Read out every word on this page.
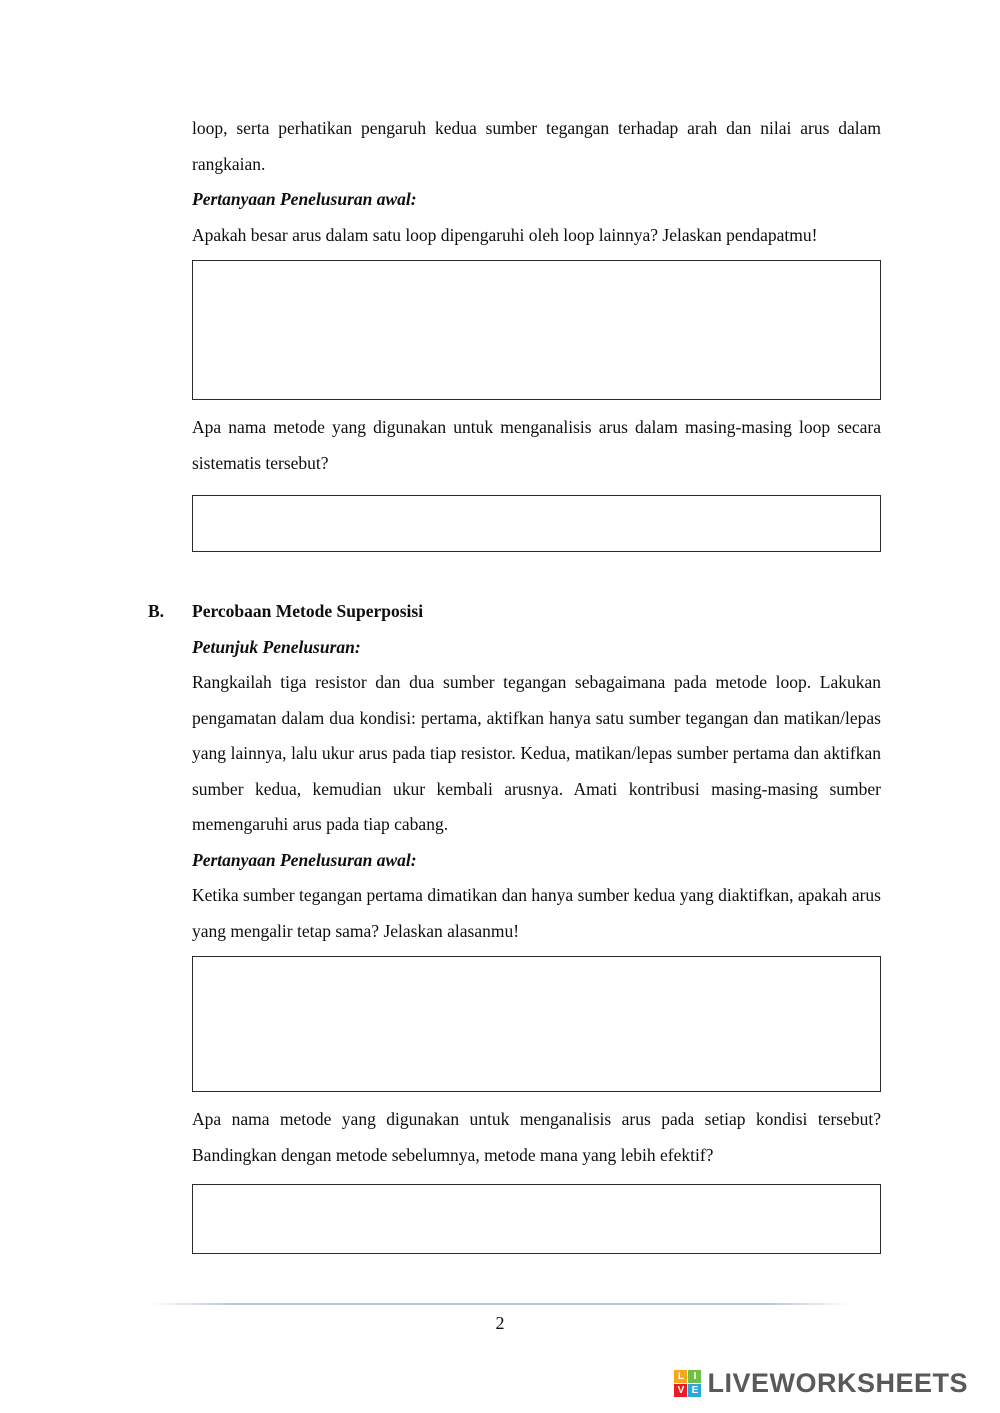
loop, serta perhatikan pengaruh kedua sumber tegangan terhadap arah dan nilai arus dalam rangkaian.

Pertanyaan Penelusuran awal:

Apakah besar arus dalam satu loop dipengaruhi oleh loop lainnya? Jelaskan pendapatmu!

Apa nama metode yang digunakan untuk menganalisis arus dalam masing-masing loop secara sistematis tersebut?

B. Percobaan Metode Superposisi

Petunjuk Penelusuran:

Rangkailah tiga resistor dan dua sumber tegangan sebagaimana pada metode loop. Lakukan pengamatan dalam dua kondisi: pertama, aktifkan hanya satu sumber tegangan dan matikan/lepas yang lainnya, lalu ukur arus pada tiap resistor. Kedua, matikan/lepas sumber pertama dan aktifkan sumber kedua, kemudian ukur kembali arusnya. Amati kontribusi masing-masing sumber memengaruhi arus pada tiap cabang.

Pertanyaan Penelusuran awal:

Ketika sumber tegangan pertama dimatikan dan hanya sumber kedua yang diaktifkan, apakah arus yang mengalir tetap sama? Jelaskan alasanmu!

Apa nama metode yang digunakan untuk menganalisis arus pada setiap kondisi tersebut? Bandingkan dengan metode sebelumnya, metode mana yang lebih efektif?

2
L I
V E LIVEWORKSHEETS
